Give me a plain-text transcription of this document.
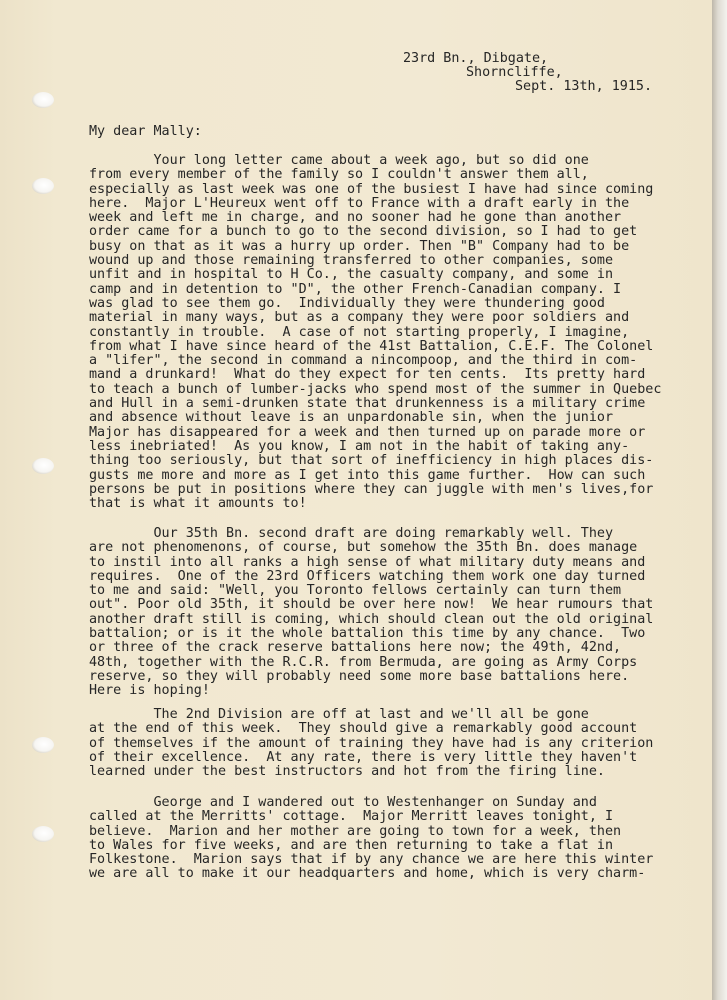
23rd Bn., Dibgate,
Shorncliffe,
Sept. 13th, 1915.
My dear Mally:
Your long letter came about a week ago, but so did one
from every member of the family so I couldn't answer them all,
especially as last week was one of the busiest I have had since coming
here.  Major L'Heureux went off to France with a draft early in the
week and left me in charge, and no sooner had he gone than another
order came for a bunch to go to the second division, so I had to get
busy on that as it was a hurry up order. Then "B" Company had to be
wound up and those remaining transferred to other companies, some
unfit and in hospital to H Co., the casualty company, and some in
camp and in detention to "D", the other French-Canadian company. I
was glad to see them go.  Individually they were thundering good
material in many ways, but as a company they were poor soldiers and
constantly in trouble.  A case of not starting properly, I imagine,
from what I have since heard of the 41st Battalion, C.E.F. The Colonel
a "lifer", the second in command a nincompoop, and the third in com-
mand a drunkard!  What do they expect for ten cents.  Its pretty hard
to teach a bunch of lumber-jacks who spend most of the summer in Quebec
and Hull in a semi-drunken state that drunkenness is a military crime
and absence without leave is an unpardonable sin, when the junior
Major has disappeared for a week and then turned up on parade more or
less inebriated!  As you know, I am not in the habit of taking any-
thing too seriously, but that sort of inefficiency in high places dis-
gusts me more and more as I get into this game further.  How can such
persons be put in positions where they can juggle with men's lives,for
that is what it amounts to!
Our 35th Bn. second draft are doing remarkably well. They
are not phenomenons, of course, but somehow the 35th Bn. does manage
to instil into all ranks a high sense of what military duty means and
requires.  One of the 23rd Officers watching them work one day turned
to me and said: "Well, you Toronto fellows certainly can turn them
out". Poor old 35th, it should be over here now!  We hear rumours that
another draft still is coming, which should clean out the old original
battalion; or is it the whole battalion this time by any chance.  Two
or three of the crack reserve battalions here now; the 49th, 42nd,
48th, together with the R.C.R. from Bermuda, are going as Army Corps
reserve, so they will probably need some more base battalions here.
Here is hoping!
The 2nd Division are off at last and we'll all be gone
at the end of this week.  They should give a remarkably good account
of themselves if the amount of training they have had is any criterion
of their excellence.  At any rate, there is very little they haven't
learned under the best instructors and hot from the firing line.
George and I wandered out to Westenhanger on Sunday and
called at the Merritts' cottage.  Major Merritt leaves tonight, I
believe.  Marion and her mother are going to town for a week, then
to Wales for five weeks, and are then returning to take a flat in
Folkestone.  Marion says that if by any chance we are here this winter
we are all to make it our headquarters and home, which is very charm-
